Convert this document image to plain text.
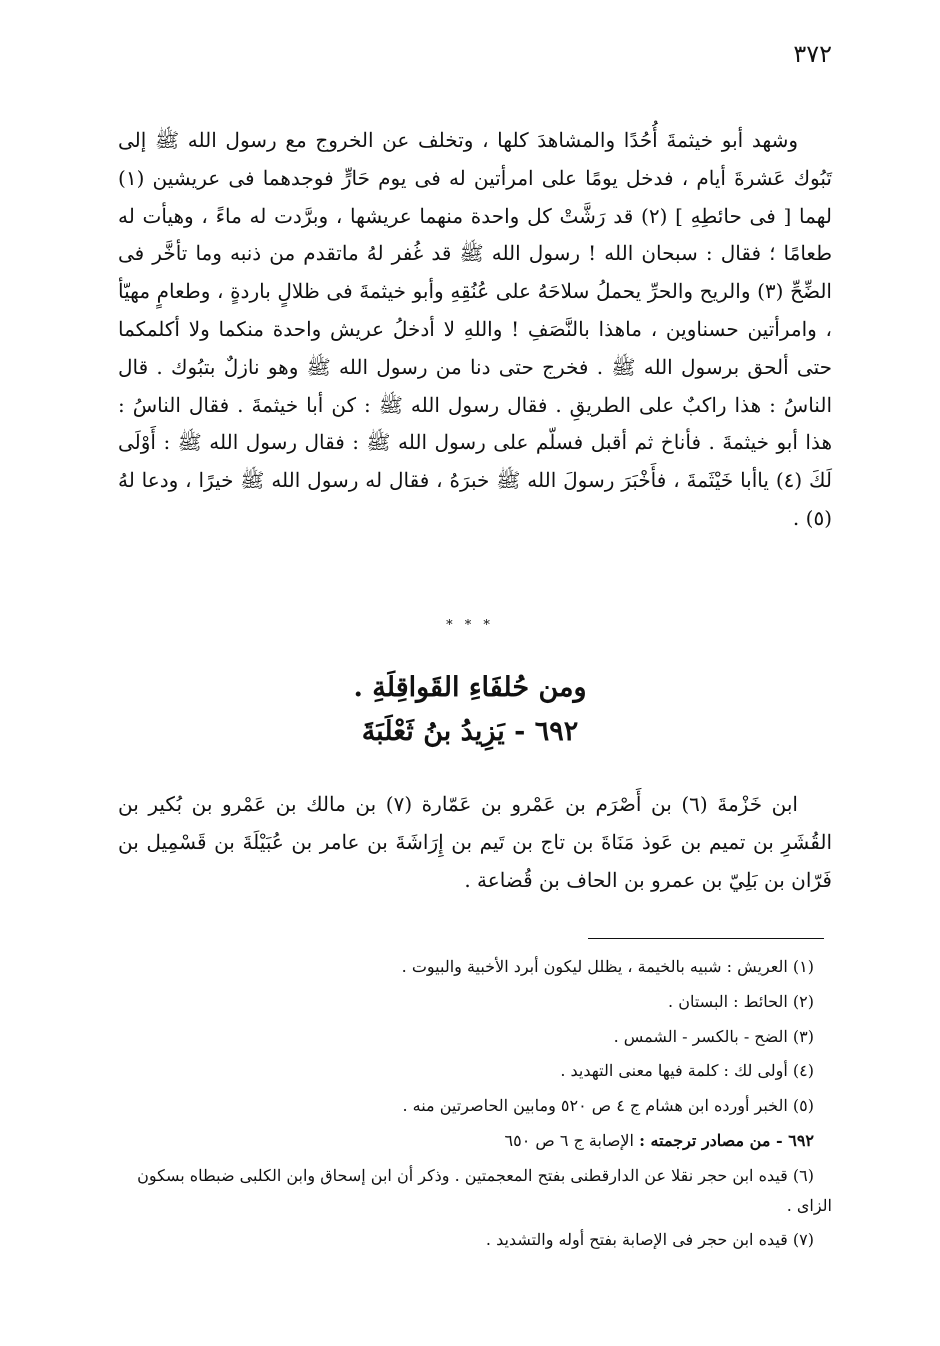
٣٧٢

وشهد أبو خيثمةَ أُحُدًا والمشاهدَ كلها ، وتخلف عن الخروج مع رسول الله ﷺ إلى تَبُوك عَشرةَ أيام ، فدخل يومًا على امرأتين له فى يوم حَارٍّ فوجدهما فى عريشين (١) لهما [ فى حائطِهِ ] (٢) قد رَشَّتْ كل واحدة منهما عريشها ، وبرَّدت له ماءً ، وهيأت له طعامًا ؛ فقال : سبحان الله ! رسول الله ﷺ قد غُفر لهُ ماتقدم من ذنبه وما تأخَّر فى الضِّحِّ (٣) والريح والحرِّ يحملُ سلاحَهُ على عُنُقِهِ وأبو خيثمةَ فى ظلالٍ باردةٍ ، وطعامٍ مهيّأ ، وامرأتين حسناوين ، ماهذا بالنَّصَفِ ! واللهِ لا أدخلُ عريش واحدة منكما ولا أكلمكما حتى ألحق برسول الله ﷺ . فخرج حتى دنا من رسول الله ﷺ وهو نازلٌ بتبُوك . قال الناسُ : هذا راكبٌ على الطريقِ . فقال رسول الله ﷺ : كن أبا خيثمةَ . فقال الناسُ : هذا أبو خيثمةَ . فأناخ ثم أقبل فسلّم على رسول الله ﷺ : فقال رسول الله ﷺ : أَوْلَى لَكَ (٤) ياأبا خَيْثَمةَ ، فأَخْبَرَ رسولَ الله ﷺ خبرَهُ ، فقال له رسول الله ﷺ خيرًا ، ودعا لهُ (٥) .

* * *
ومن حُلفَاءِ القَواقِلَةِ .
٦٩٢ - يَزِيدُ بنُ ثَعْلَبَةَ

ابن خَزْمةَ (٦) بن أَصْرَم بن عَمْرو بن عَمّارة (٧) بن مالك بن عَمْرو بن بُكير بن القُشَرِ بن تميم بن عَوذ مَنَاةَ بن تاج بن تَيم بن إِرَاشَةَ بن عامر بن عُبَيْلَةَ بن قَسْمِيل بن فَرّان بن بَلِيّ بن عمرو بن الحاف بن قُضاعة .

(١) العريش : شبيه بالخيمة ، يظلل ليكون أبرد الأخبية والبيوت .

(٢) الحائط : البستان .

(٣) الضح - بالكسر - الشمس .

(٤) أولى لك : كلمة فيها معنى التهديد .

(٥) الخبر أورده ابن هشام ج ٤ ص ٥٢٠ ومابين الحاصرتين منه .

٦٩٢ - من مصادر ترجمته : الإصابة ج ٦ ص ٦٥٠

(٦) قيده ابن حجر نقلا عن الدارقطنى بفتح المعجمتين . وذكر أن ابن إسحاق وابن الكلبى ضبطاه بسكون الزاى .

(٧) قيده ابن حجر فى الإصابة بفتح أوله والتشديد .
